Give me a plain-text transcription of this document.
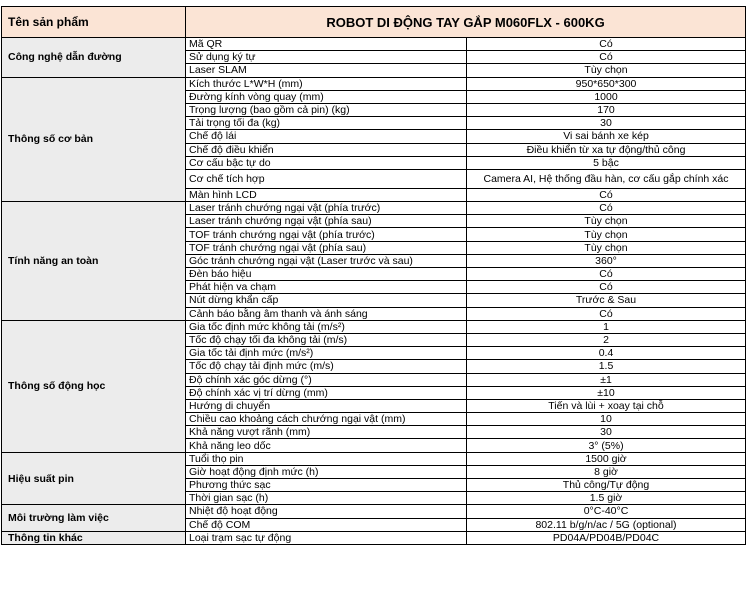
Tên sản phẩm	ROBOT DI ĐỘNG TAY GẮP M060FLX - 600KG	
Công nghệ dẫn đường	Mã QR	Có
	Sử dụng ký tự	Có
	Laser SLAM	Tùy chọn
Thông số cơ bản	Kích thước L*W*H (mm)	950*650*300
	Đường kính vòng quay (mm)	1000
	Trọng lượng (bao gồm cả pin) (kg)	170
	Tải trọng tối đa (kg)	30
	Chế độ lái	Vi sai bánh xe kép
	Chế độ điều khiển	Điều khiển từ xa tự động/thủ công
	Cơ cấu bậc tự do	5 bậc
	Cơ chế tích hợp	Camera AI, Hệ thống đầu hàn, cơ cấu gắp chính xác
	Màn hình LCD	Có
Tính năng an toàn	Laser tránh chướng ngại vật (phía trước)	Có
	Laser tránh chướng ngại vật (phía sau)	Tùy chọn
	TOF tránh chướng ngại vật (phía trước)	Tùy chọn
	TOF tránh chướng ngại vật (phía sau)	Tùy chọn
	Góc tránh chướng ngại vật (Laser trước và sau)	360°
	Đèn báo hiệu	Có
	Phát hiện va chạm	Có
	Nút dừng khẩn cấp	Trước & Sau
	Cảnh báo bằng âm thanh và ánh sáng	Có
Thông số động học	Gia tốc định mức không tải (m/s²)	1
	Tốc độ chạy tối đa không tải (m/s)	2
	Gia tốc tải định mức (m/s²)	0.4
	Tốc độ chạy tải định mức (m/s)	1.5
	Độ chính xác góc dừng (°)	±1
	Độ chính xác vị trí dừng (mm)	±10
	Hướng di chuyển	Tiến và lùi + xoay tại chỗ
	Chiều cao khoảng cách chướng ngại vật (mm)	10
	Khả năng vượt rãnh (mm)	30
	Khả năng leo dốc	3° (5%)
Hiệu suất pin	Tuổi thọ pin	1500 giờ
	Giờ hoạt động định mức (h)	8 giờ
	Phương thức sạc	Thủ công/Tự động
	Thời gian sạc (h)	1.5 giờ
Môi trường làm việc	Nhiệt độ hoạt động	0°C-40°C
	Chế độ COM	802.11 b/g/n/ac / 5G (optional)
Thông tin khác	Loại trạm sạc tự động	PD04A/PD04B/PD04C
